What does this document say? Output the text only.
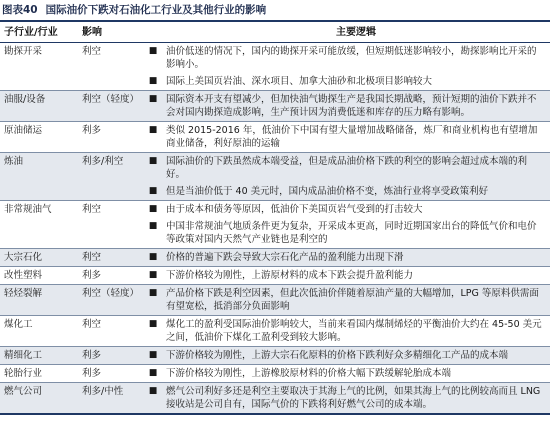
图表40 国际油价下跌对石油化工行业及其他行业的影响
子行业/行业	影响		主要逻辑
勘探开采	利空	■	油价低迷的情况下，国内的勘探开采可能放缓，但短期低迷影响较小，勘探影响比开采的影响小。
		■	国际上美国页岩油、深水项目、加拿大油砂和北极项目影响较大
油服/设备	利空（轻度）	■	国际资本开支有望减少，但加快油气勘探生产是我国长期战略，预计短期的油价下跌并不会对国内勘探造成影响，生产预计因为消费低迷和库存的压力略有影响。
原油储运	利多	■	类似 2015-2016 年，低油价下中国有望大量增加战略储备，炼厂和商业机构也有望增加商业储备，利好原油的运输
炼油	利多/利空	■	国际油价的下跌虽然成本端受益，但是成品油价格下跌的利空的影响会超过成本端的利好。
		■	但是当油价低于 40 美元时，国内成品油价格不变，炼油行业将享受政策利好
非常规油气	利空	■	由于成本和债务等原因，低油价下美国页岩气受到的打击较大
		■	中国非常规油气地质条件更为复杂，开采成本更高，同时近期国家出台的降低气价和电价等政策对国内天然气产业链也是利空的
大宗石化	利空	■	价格的普遍下跌会导致大宗石化产品的盈利能力出现下滑
改性塑料	利多	■	下游价格较为刚性，上游原材料的成本下跌会提升盈利能力
轻烃裂解	利空（轻度）	■	产品价格下跌是利空因素，但此次低油价伴随着原油产量的大幅增加，LPG 等原料供需面有望宽松，抵消部分负面影响
煤化工	利空	■	煤化工的盈利受国际油价影响较大，当前来看国内煤制烯烃的平衡油价大约在 45-50 美元之间，低油价下煤化工盈利受到较大影响。
精细化工	利多	■	下游价格较为刚性，上游大宗石化原料的价格下跌利好众多精细化工产品的成本端
轮胎行业	利多	■	下游价格较为刚性，上游橡胶原材料的价格大幅下跌缓解轮胎成本端
燃气公司	利多/中性	■	燃气公司利好多还是利空主要取决于其海上气的比例，如果其海上气的比例较高而且 LNG 接收站是公司自有，国际气价的下跌将利好燃气公司的成本端。
